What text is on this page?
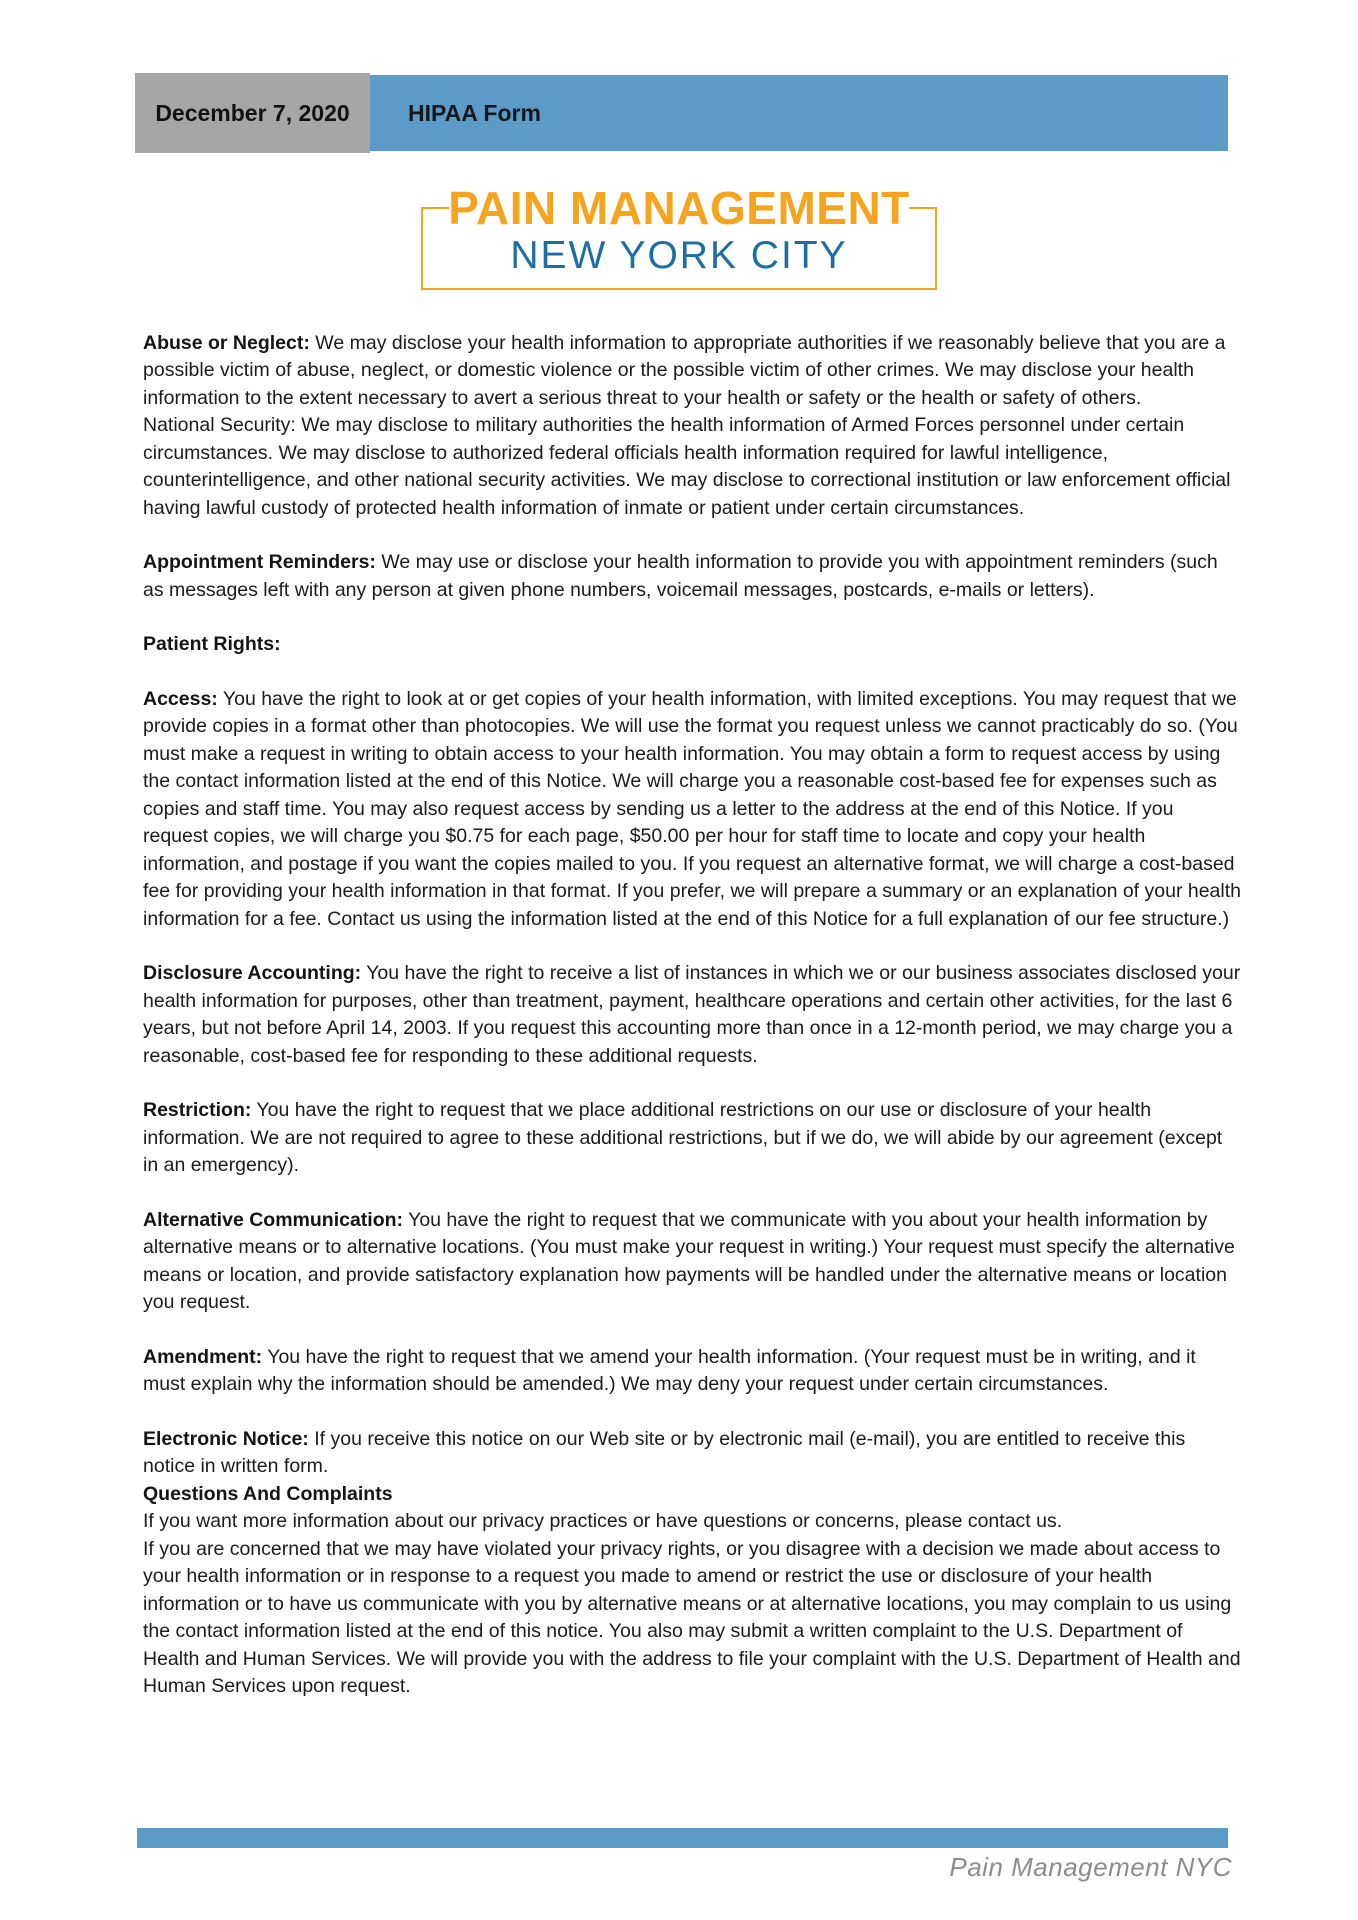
December 7, 2020	HIPAA Form
PAIN MANAGEMENT
NEW YORK CITY

Abuse or Neglect: We may disclose your health information to appropriate authorities if we reasonably believe that you are a possible victim of abuse, neglect, or domestic violence or the possible victim of other crimes. We may disclose your health information to the extent necessary to avert a serious threat to your health or safety or the health or safety of others.

National Security: We may disclose to military authorities the health information of Armed Forces personnel under certain circumstances. We may disclose to authorized federal officials health information required for lawful intelligence, counterintelligence, and other national security activities. We may disclose to correctional institution or law enforcement official having lawful custody of protected health information of inmate or patient under certain circumstances.

Appointment Reminders: We may use or disclose your health information to provide you with appointment reminders (such as messages left with any person at given phone numbers, voicemail messages, postcards, e-mails or letters).

Patient Rights:

Access: You have the right to look at or get copies of your health information, with limited exceptions. You may request that we provide copies in a format other than photocopies. We will use the format you request unless we cannot practicably do so. (You must make a request in writing to obtain access to your health information. You may obtain a form to request access by using the contact information listed at the end of this Notice. We will charge you a reasonable cost-based fee for expenses such as copies and staff time. You may also request access by sending us a letter to the address at the end of this Notice. If you request copies, we will charge you $0.75 for each page, $50.00 per hour for staff time to locate and copy your health information, and postage if you want the copies mailed to you. If you request an alternative format, we will charge a cost-based fee for providing your health information in that format. If you prefer, we will prepare a summary or an explanation of your health information for a fee. Contact us using the information listed at the end of this Notice for a full explanation of our fee structure.)

Disclosure Accounting: You have the right to receive a list of instances in which we or our business associates disclosed your health information for purposes, other than treatment, payment, healthcare operations and certain other activities, for the last 6 years, but not before April 14, 2003. If you request this accounting more than once in a 12-month period, we may charge you a reasonable, cost-based fee for responding to these additional requests.

Restriction: You have the right to request that we place additional restrictions on our use or disclosure of your health information. We are not required to agree to these additional restrictions, but if we do, we will abide by our agreement (except in an emergency).

Alternative Communication: You have the right to request that we communicate with you about your health information by alternative means or to alternative locations. (You must make your request in writing.) Your request must specify the alternative means or location, and provide satisfactory explanation how payments will be handled under the alternative means or location you request.

Amendment: You have the right to request that we amend your health information. (Your request must be in writing, and it must explain why the information should be amended.) We may deny your request under certain circumstances.

Electronic Notice: If you receive this notice on our Web site or by electronic mail (e-mail), you are entitled to receive this notice in written form.

Questions And Complaints

If you want more information about our privacy practices or have questions or concerns, please contact us.

If you are concerned that we may have violated your privacy rights, or you disagree with a decision we made about access to your health information or in response to a request you made to amend or restrict the use or disclosure of your health information or to have us communicate with you by alternative means or at alternative locations, you may complain to us using the contact information listed at the end of this notice. You also may submit a written complaint to the U.S. Department of Health and Human Services. We will provide you with the address to file your complaint with the U.S. Department of Health and Human Services upon request.

Pain Management NYC
